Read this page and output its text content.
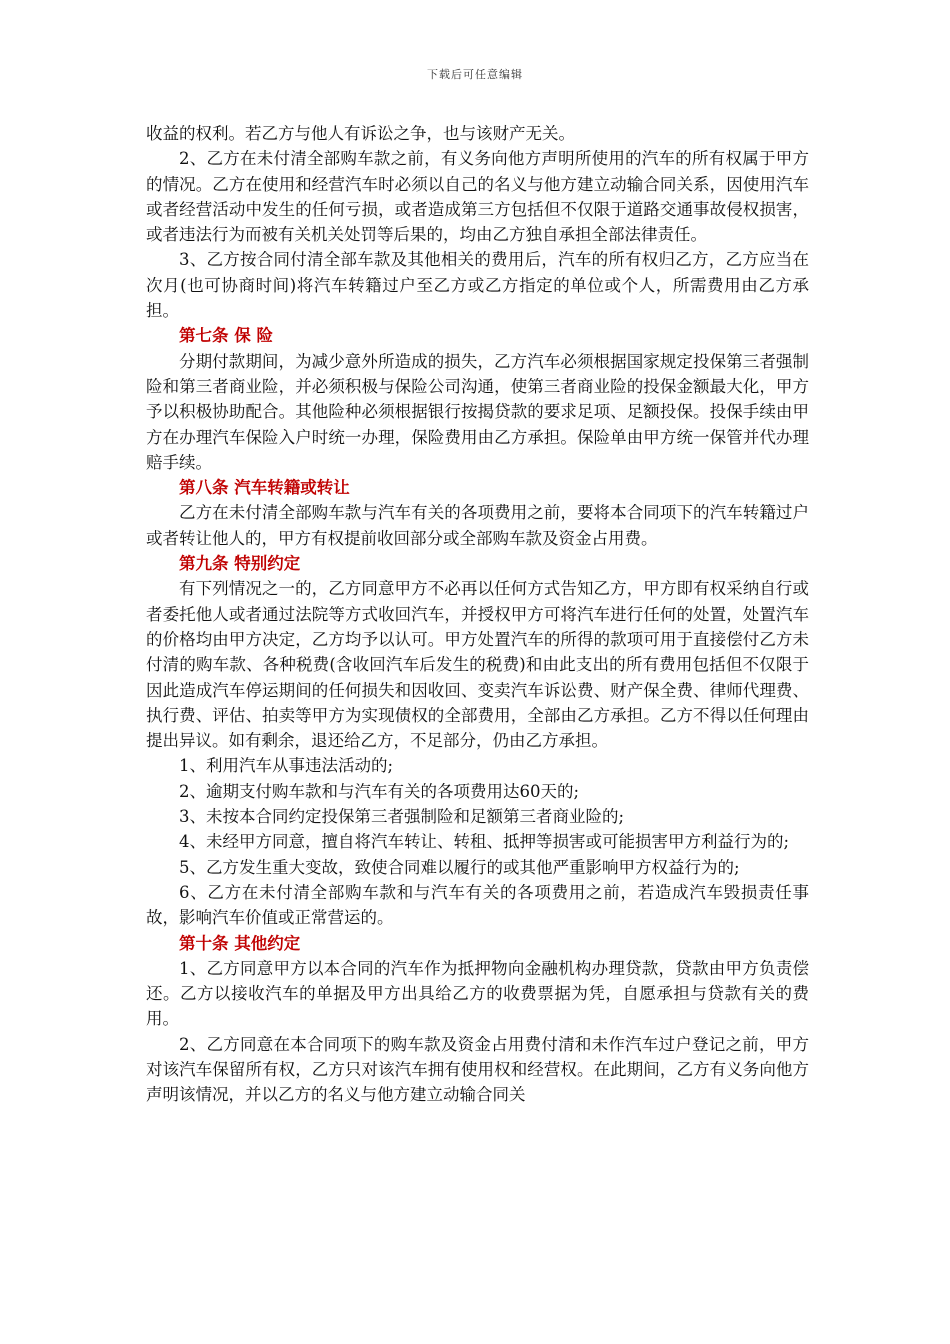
下载后可任意编辑

收益的权利。若乙方与他人有诉讼之争，也与该财产无关。

2、乙方在未付清全部购车款之前，有义务向他方声明所使用的汽车的所有权属于甲方的情况。乙方在使用和经营汽车时必须以自己的名义与他方建立动输合同关系，因使用汽车或者经营活动中发生的任何亏损，或者造成第三方包括但不仅限于道路交通事故侵权损害，或者违法行为而被有关机关处罚等后果的，均由乙方独自承担全部法律责任。

3、乙方按合同付清全部车款及其他相关的费用后，汽车的所有权归乙方，乙方应当在次月(也可协商时间)将汽车转籍过户至乙方或乙方指定的单位或个人，所需费用由乙方承担。

第七条 保 险

分期付款期间，为减少意外所造成的损失，乙方汽车必须根据国家规定投保第三者强制险和第三者商业险，并必须积极与保险公司沟通，使第三者商业险的投保金额最大化，甲方予以积极协助配合。其他险种必须根据银行按揭贷款的要求足项、足额投保。投保手续由甲方在办理汽车保险入户时统一办理，保险费用由乙方承担。保险单由甲方统一保管并代办理赔手续。

第八条 汽车转籍或转让

乙方在未付清全部购车款与汽车有关的各项费用之前，要将本合同项下的汽车转籍过户或者转让他人的，甲方有权提前收回部分或全部购车款及资金占用费。

第九条 特别约定

有下列情况之一的，乙方同意甲方不必再以任何方式告知乙方，甲方即有权采纳自行或者委托他人或者通过法院等方式收回汽车，并授权甲方可将汽车进行任何的处置，处置汽车的价格均由甲方决定，乙方均予以认可。甲方处置汽车的所得的款项可用于直接偿付乙方未付清的购车款、各种税费(含收回汽车后发生的税费)和由此支出的所有费用包括但不仅限于因此造成汽车停运期间的任何损失和因收回、变卖汽车诉讼费、财产保全费、律师代理费、执行费、评估、拍卖等甲方为实现债权的全部费用，全部由乙方承担。乙方不得以任何理由提出异议。如有剩余，退还给乙方，不足部分，仍由乙方承担。

1、利用汽车从事违法活动的;

2、逾期支付购车款和与汽车有关的各项费用达60天的;

3、未按本合同约定投保第三者强制险和足额第三者商业险的;

4、未经甲方同意，擅自将汽车转让、转租、抵押等损害或可能损害甲方利益行为的;

5、乙方发生重大变故，致使合同难以履行的或其他严重影响甲方权益行为的;

6、乙方在未付清全部购车款和与汽车有关的各项费用之前，若造成汽车毁损责任事故，影响汽车价值或正常营运的。

第十条 其他约定

1、乙方同意甲方以本合同的汽车作为抵押物向金融机构办理贷款，贷款由甲方负责偿还。乙方以接收汽车的单据及甲方出具给乙方的收费票据为凭，自愿承担与贷款有关的费用。

2、乙方同意在本合同项下的购车款及资金占用费付清和未作汽车过户登记之前，甲方对该汽车保留所有权，乙方只对该汽车拥有使用权和经营权。在此期间，乙方有义务向他方声明该情况，并以乙方的名义与他方建立动输合同关
